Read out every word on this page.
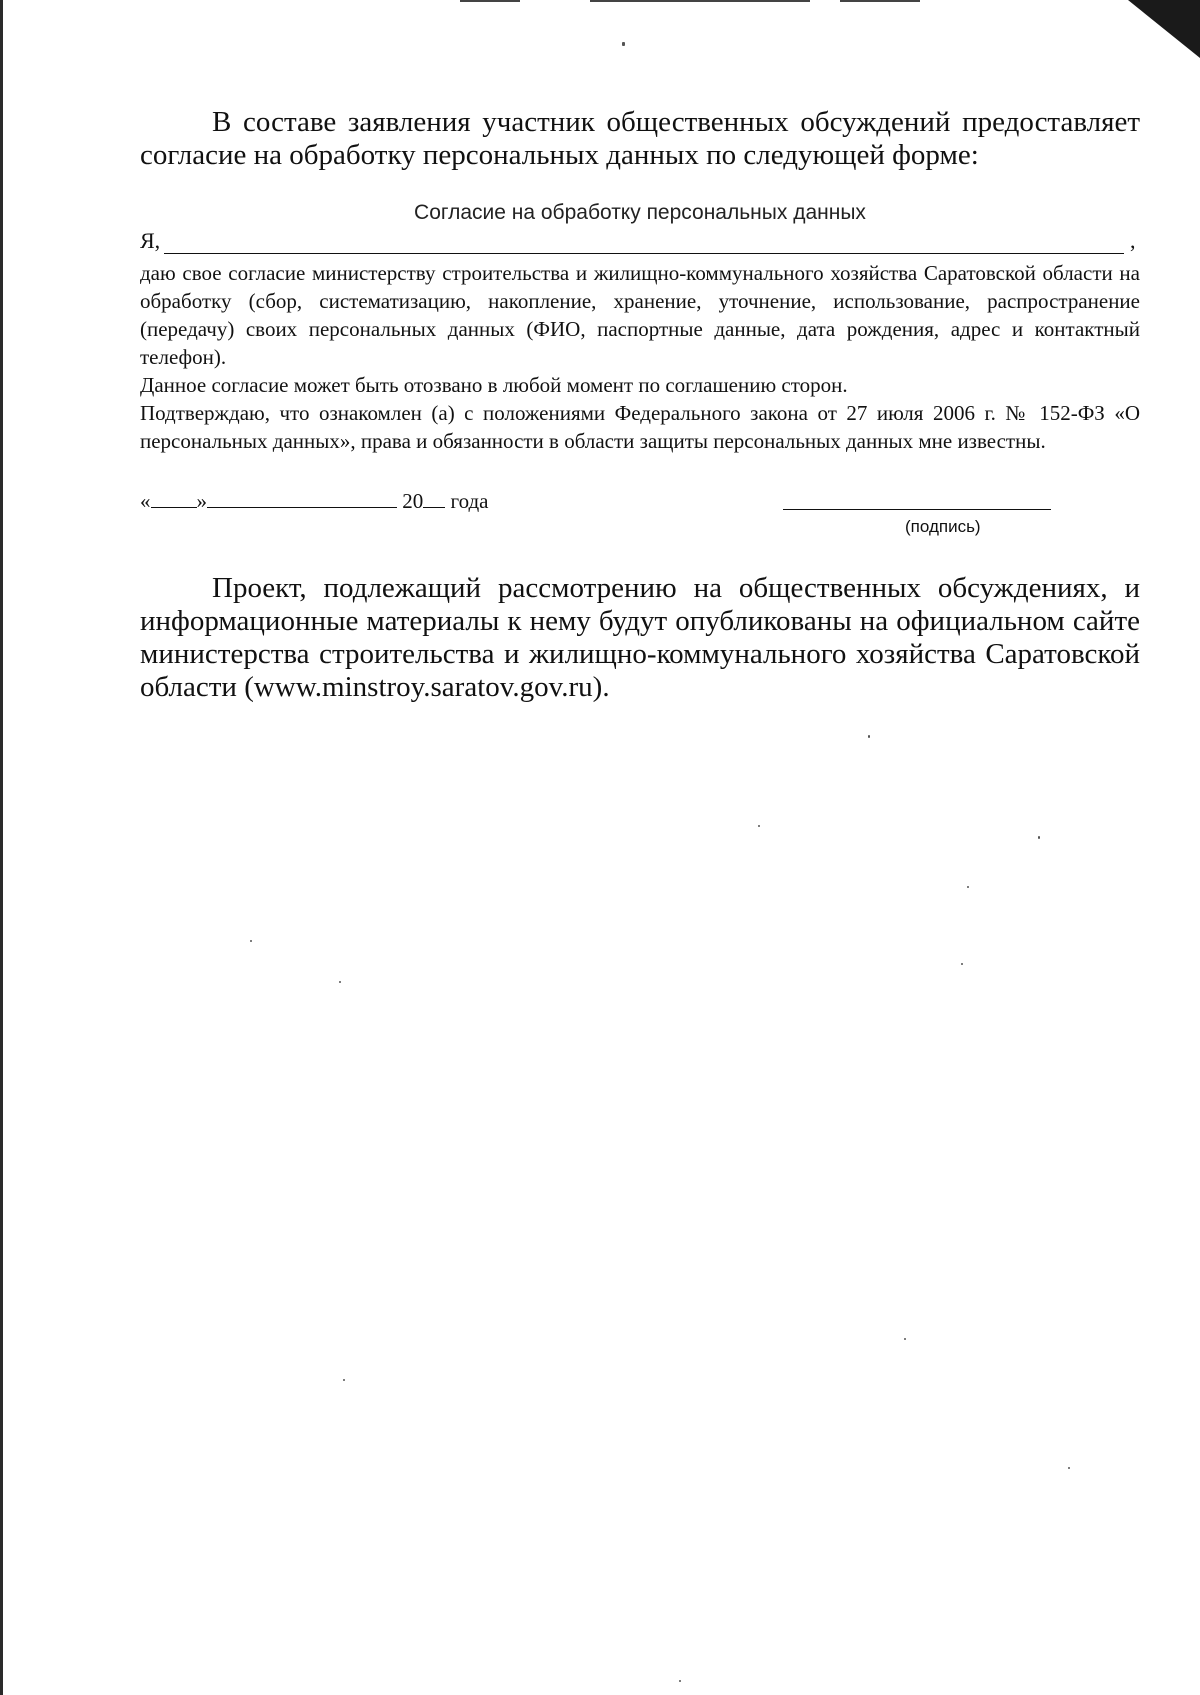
В составе заявления участник общественных обсуждений предоставляет согласие на обработку персональных данных по следующей форме:
Согласие на обработку персональных данных
Я,	,

даю свое согласие министерству строительства и жилищно-коммунального хозяйства Саратовской области на обработку (сбор, систематизацию, накопление, хранение, уточнение, использование, распространение (передачу) своих персональных данных (ФИО, паспортные данные, дата рождения, адрес и контактный телефон).

Данное согласие может быть отозвано в любой момент по соглашению сторон.

Подтверждаю, что ознакомлен (а) с положениями Федерального закона от 27 июля 2006 г. № 152-ФЗ «О персональных данных», права и обязанности в области защиты персональных данных мне известны.

« »	20 года
(подпись)
Проект, подлежащий рассмотрению на общественных обсуждениях, и информационные материалы к нему будут опубликованы на официальном сайте министерства строительства и жилищно-коммунального хозяйства Саратовской области (www.minstroy.saratov.gov.ru).
